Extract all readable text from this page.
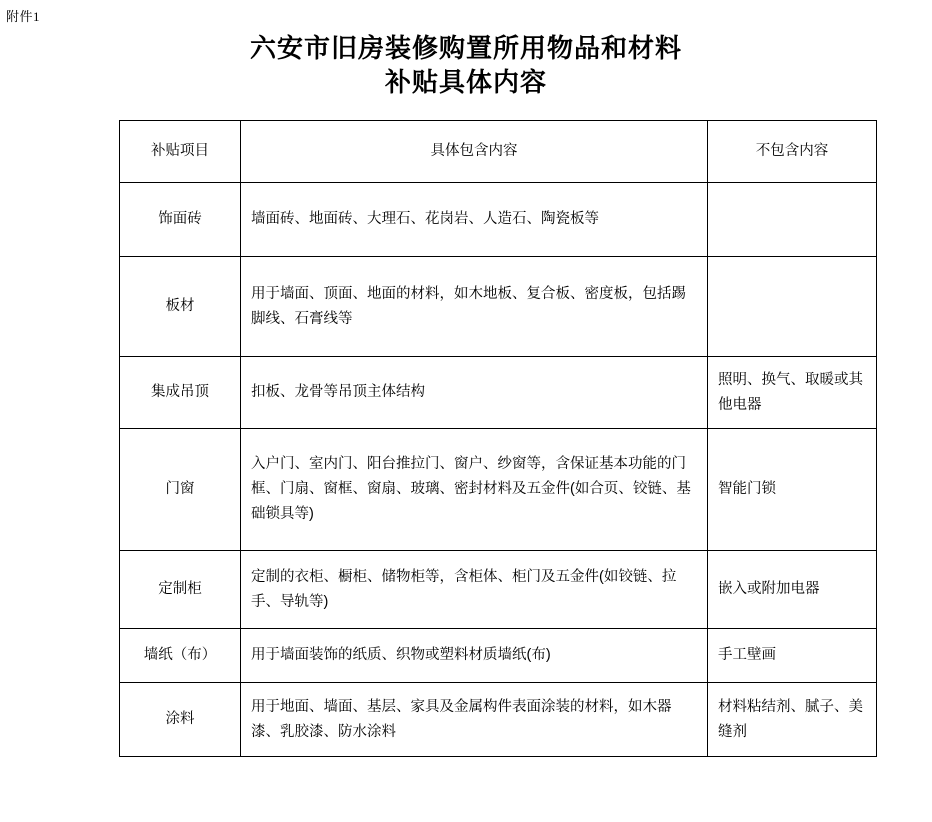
附件1
六安市旧房装修购置所用物品和材料
补贴具体内容
补贴项目	具体包含内容	不包含内容
饰面砖	墙面砖、地面砖、大理石、花岗岩、人造石、陶瓷板等	
板材	用于墙面、顶面、地面的材料，如木地板、复合板、密度板，包括踢脚线、石膏线等	
集成吊顶	扣板、龙骨等吊顶主体结构	照明、换气、取暖或其他电器
门窗	入户门、室内门、阳台推拉门、窗户、纱窗等，含保证基本功能的门框、门扇、窗框、窗扇、玻璃、密封材料及五金件(如合页、铰链、基础锁具等)	智能门锁
定制柜	定制的衣柜、橱柜、储物柜等，含柜体、柜门及五金件(如铰链、拉手、导轨等)	嵌入或附加电器
墙纸（布）	用于墙面装饰的纸质、织物或塑料材质墙纸(布)	手工壁画
涂料	用于地面、墙面、基层、家具及金属构件表面涂装的材料，如木器漆、乳胶漆、防水涂料	材料粘结剂、腻子、美缝剂
